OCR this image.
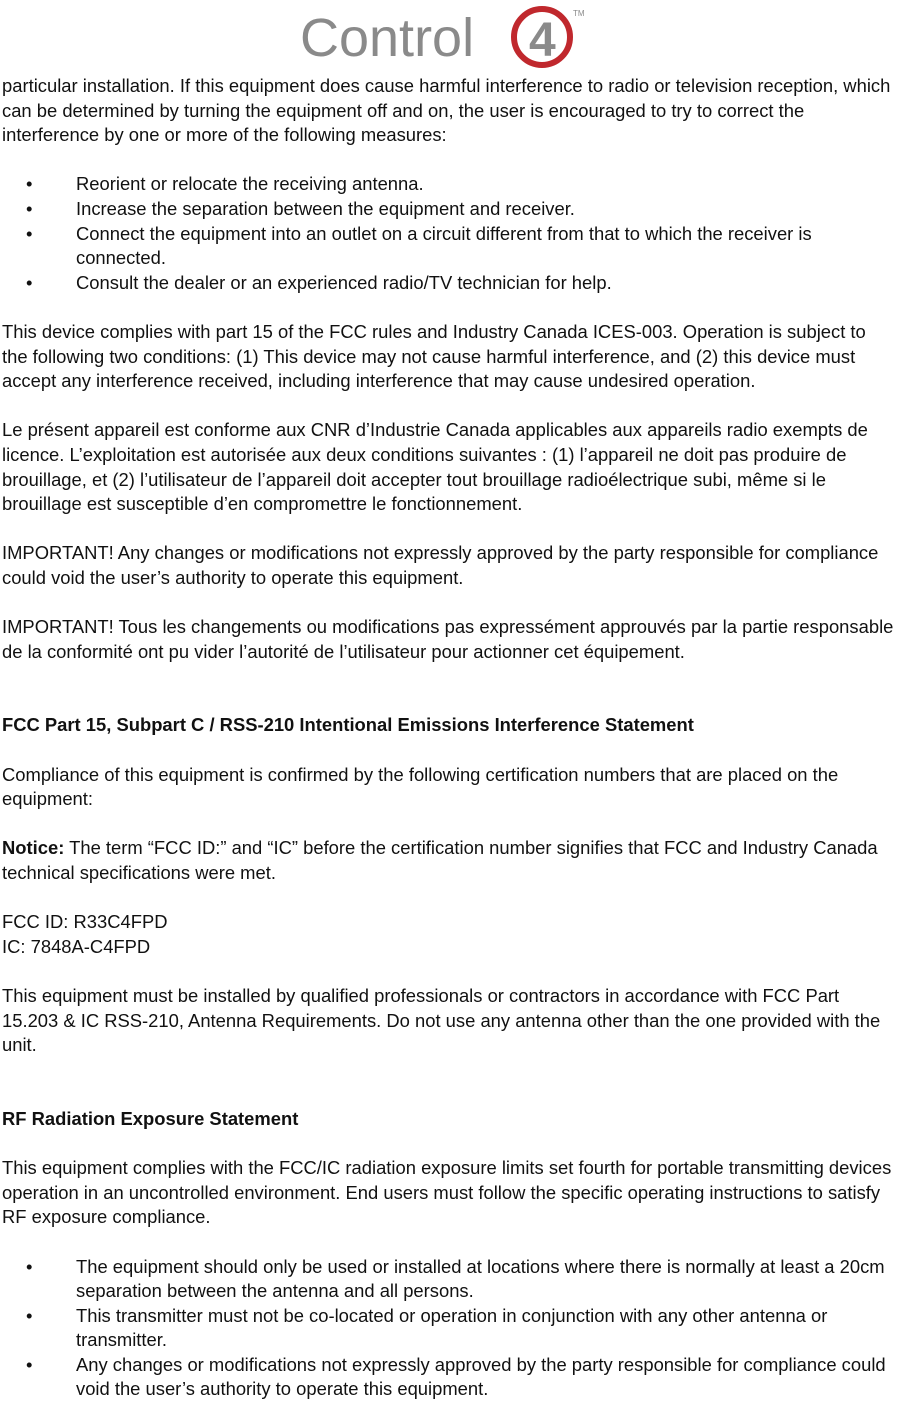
Control 4
TM

particular installation. If this equipment does cause harmful interference to radio or television reception, which can be determined by turning the equipment off and on, the user is encouraged to try to correct the interference by one or more of the following measures:

• Reorient or relocate the receiving antenna.
• Increase the separation between the equipment and receiver.
• Connect the equipment into an outlet on a circuit different from that to which the receiver is connected.
• Consult the dealer or an experienced radio/TV technician for help.

This device complies with part 15 of the FCC rules and Industry Canada ICES-003. Operation is subject to the following two conditions: (1) This device may not cause harmful interference, and (2) this device must accept any interference received, including interference that may cause undesired operation.

Le présent appareil est conforme aux CNR d’Industrie Canada applicables aux appareils radio exempts de licence. L’exploitation est autorisée aux deux conditions suivantes : (1) l’appareil ne doit pas produire de brouillage, et (2) l’utilisateur de l’appareil doit accepter tout brouillage radioélectrique subi, même si le brouillage est susceptible d’en compromettre le fonctionnement.

IMPORTANT! Any changes or modifications not expressly approved by the party responsible for compliance could void the user’s authority to operate this equipment.

IMPORTANT! Tous les changements ou modifications pas expressément approuvés par la partie responsable de la conformité ont pu vider l’autorité de l’utilisateur pour actionner cet équipement.

FCC Part 15, Subpart C / RSS-210 Intentional Emissions Interference Statement

Compliance of this equipment is confirmed by the following certification numbers that are placed on the equipment:

Notice: The term “FCC ID:” and “IC” before the certification number signifies that FCC and Industry Canada technical specifications were met.

FCC ID: R33C4FPD

IC: 7848A-C4FPD

This equipment must be installed by qualified professionals or contractors in accordance with FCC Part 15.203 & IC RSS-210, Antenna Requirements. Do not use any antenna other than the one provided with the unit.

RF Radiation Exposure Statement

This equipment complies with the FCC/IC radiation exposure limits set fourth for portable transmitting devices operation in an uncontrolled environment. End users must follow the specific operating instructions to satisfy RF exposure compliance.

• The equipment should only be used or installed at locations where there is normally at least a 20cm separation between the antenna and all persons.
• This transmitter must not be co-located or operation in conjunction with any other antenna or transmitter.
• Any changes or modifications not expressly approved by the party responsible for compliance could void the user’s authority to operate this equipment.
